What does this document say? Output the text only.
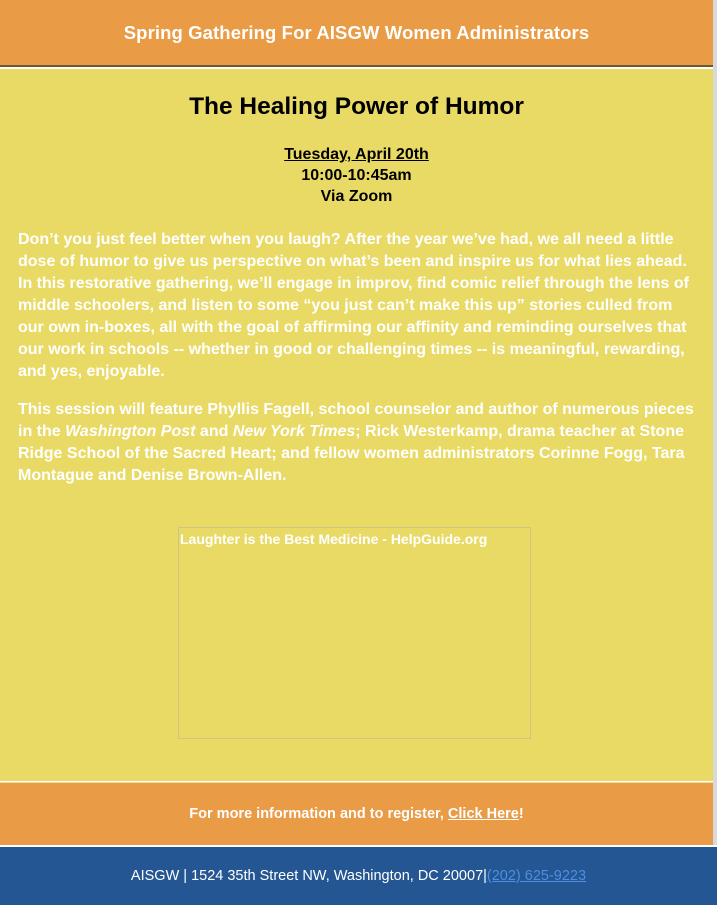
Spring Gathering For AISGW Women Administrators
The Healing Power of Humor
Tuesday, April 20th
10:00-10:45am
Via Zoom

Don’t you just feel better when you laugh? After the year we’ve had, we all need a little dose of humor to give us perspective on what’s been and inspire us for what lies ahead. In this restorative gathering, we’ll engage in improv, find comic relief through the lens of middle schoolers, and listen to some “you just can’t make this up” stories culled from our own in-boxes, all with the goal of affirming our affinity and reminding ourselves that our work in schools -- whether in good or challenging times -- is meaningful, rewarding, and yes, enjoyable.

This session will feature Phyllis Fagell, school counselor and author of numerous pieces in the Washington Post and New York Times; Rick Westerkamp, drama teacher at Stone Ridge School of the Sacred Heart; and fellow women administrators Corinne Fogg, Tara Montague and Denise Brown-Allen.

Laughter is the Best Medicine - HelpGuide.org
For more information and to register,
Click Here !
AISGW | 1524 35th Street NW, Washington, DC 20007| (202) 625-9223
